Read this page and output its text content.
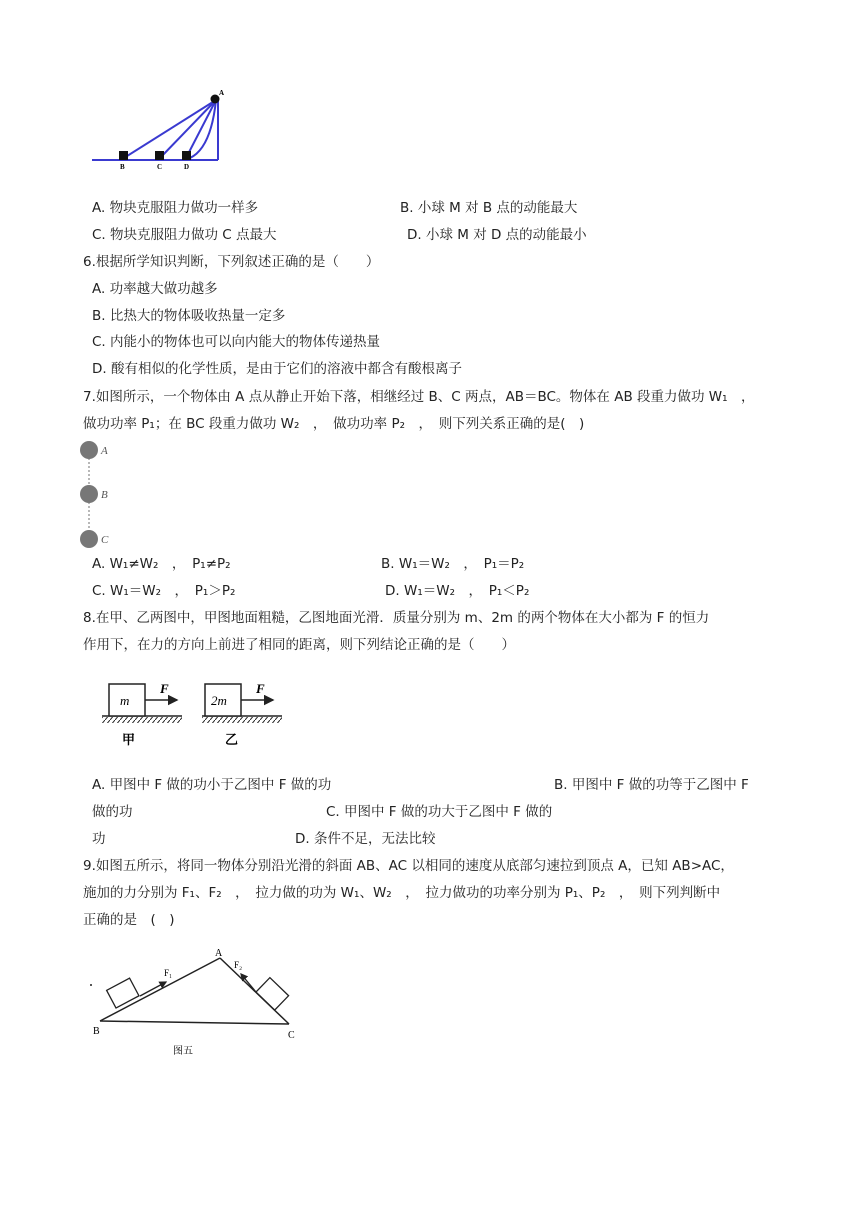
A
B	C	D
A. 物块克服阻力做功一样多	B. 小球 M 对 B 点的动能最大
C. 物块克服阻力做功 C 点最大	D. 小球 M 对 D 点的动能最小
6.根据所学知识判断，下列叙述正确的是（　　）
A. 功率越大做功越多
B. 比热大的物体吸收热量一定多
C. 内能小的物体也可以向内能大的物体传递热量
D. 酸有相似的化学性质，是由于它们的溶液中都含有酸根离子
7.如图所示，一个物体由 A 点从静止开始下落，相继经过 B、C 两点，AB＝BC。物体在 AB 段重力做功 W₁　，
做功功率 P₁；在 BC 段重力做功 W₂　，　做功功率 P₂　，　则下列关系正确的是(　)
A
B
C
A. W₁≠W₂　，　P₁≠P₂	B. W₁＝W₂　，　P₁＝P₂
C. W₁＝W₂　，　P₁＞P₂	D. W₁＝W₂　，　P₁＜P₂
8.在甲、乙两图中，甲图地面粗糙，乙图地面光滑．质量分别为 m、2m 的两个物体在大小都为 F 的恒力
作用下，在力的方向上前进了相同的距离，则下列结论正确的是（　　）
m
F
甲
2m
F
乙
A. 甲图中 F 做的功小于乙图中 F 做的功	B. 甲图中 F 做的功等于乙图中 F
做的功	C. 甲图中 F 做的功大于乙图中 F 做的
功	D. 条件不足，无法比较
9.如图五所示，将同一物体分别沿光滑的斜面 AB、AC 以相同的速度从底部匀速拉到顶点 A，已知 AB>AC，
施加的力分别为 F₁、F₂　，　拉力做的功为 W₁、W₂　，　拉力做功的功率分别为 P₁、P₂　，　则下列判断中
正确的是　(　)
A
B	C
F₁
F₂
图五
